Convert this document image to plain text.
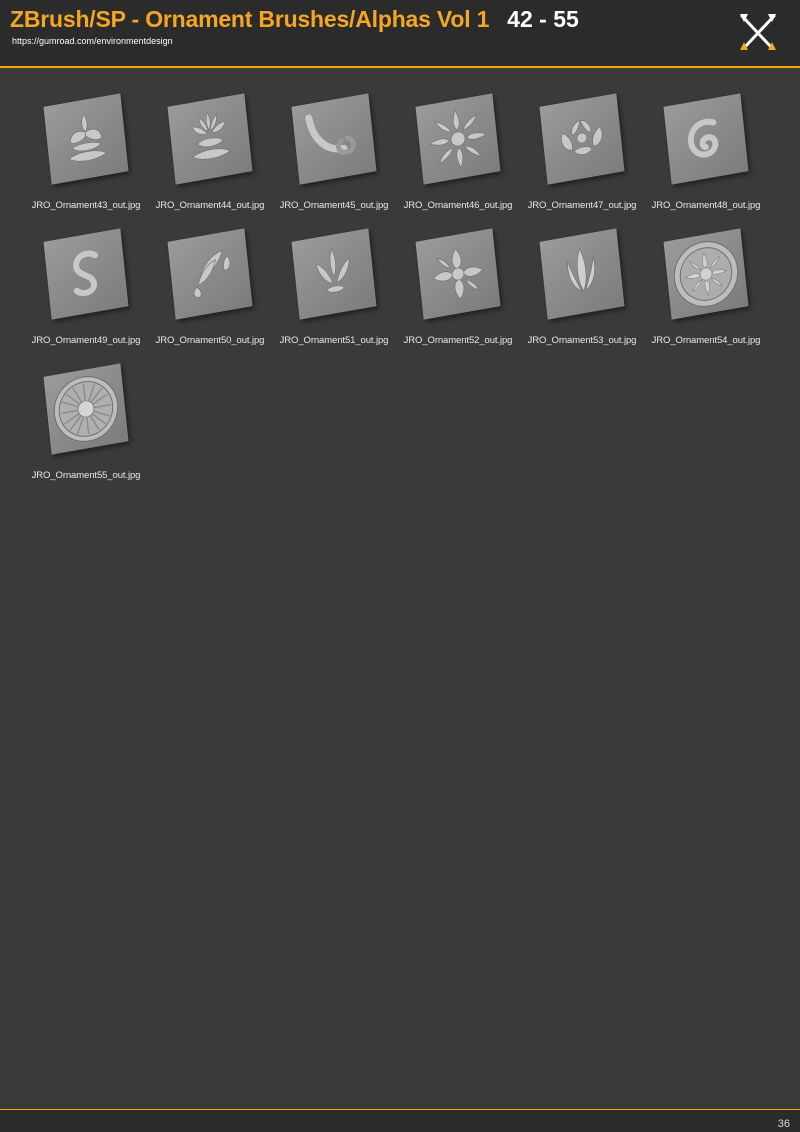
ZBrush/SP - Ornament Brushes/Alphas Vol 1 42 - 55
https://gumroad.com/environmentdesign
JRO_Ornament43_out.jpg	JRO_Ornament44_out.jpg	JRO_Ornament45_out.jpg	JRO_Ornament46_out.jpg	JRO_Ornament47_out.jpg	JRO_Ornament48_out.jpg
JRO_Ornament49_out.jpg	JRO_Ornament50_out.jpg	JRO_Ornament51_out.jpg	JRO_Ornament52_out.jpg	JRO_Ornament53_out.jpg	JRO_Ornament54_out.jpg
JRO_Ornament55_out.jpg
36
